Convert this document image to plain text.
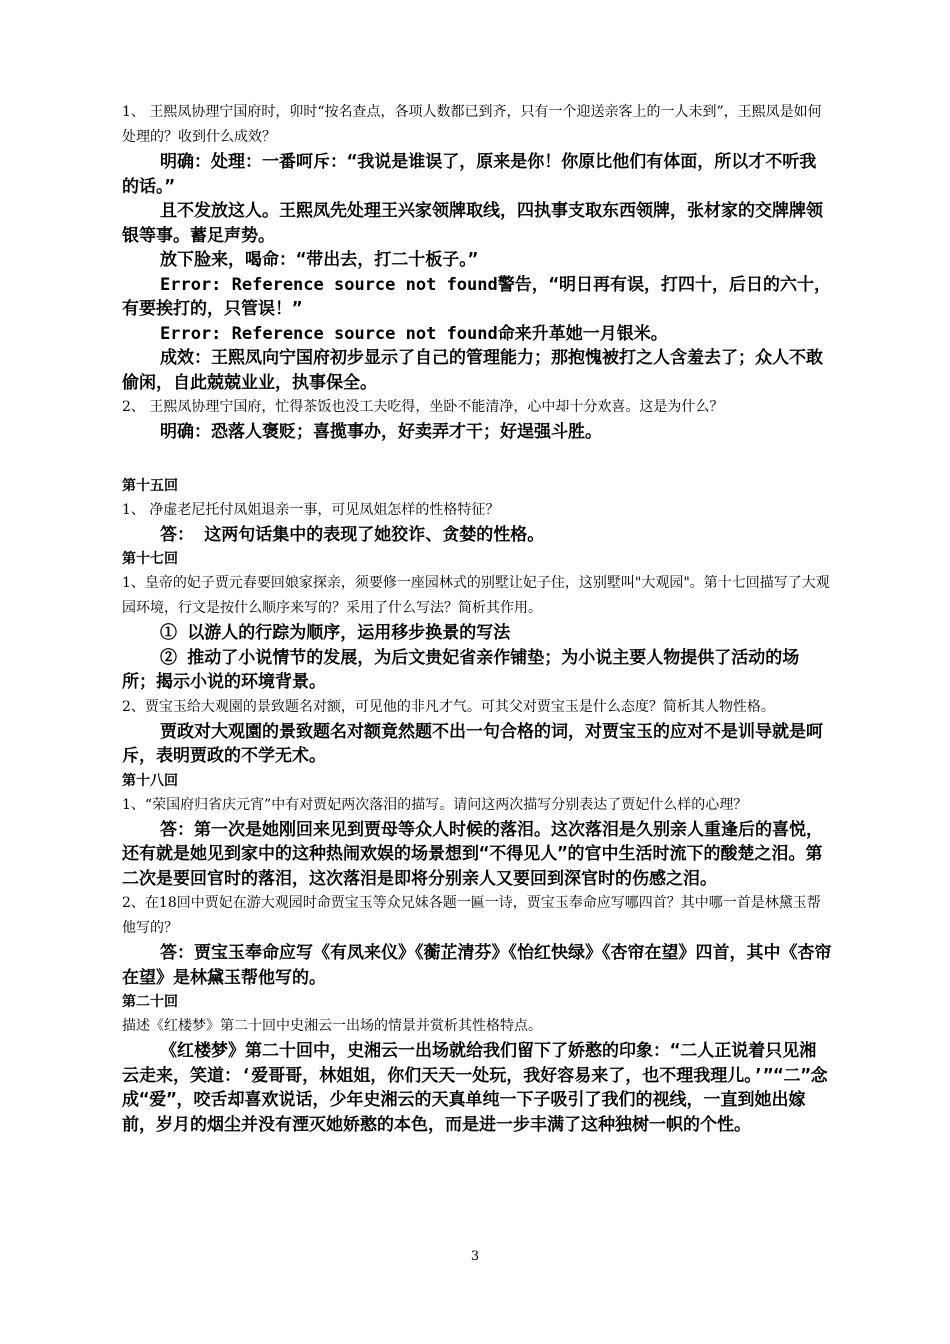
1、 王熙凤协理宁国府时，卯时“按名查点，各项人数都已到齐，只有一个迎送亲客上的一人未到”，王熙凤是如何处理的？收到什么成效？

明确：处理：一番呵斥：“我说是谁误了，原来是你！你原比他们有体面，所以才不听我的话。”

且不发放这人。王熙凤先处理王兴家领牌取线，四执事支取东西领牌，张材家的交牌牌领银等事。蓄足声势。

放下脸来，喝命：“带出去，打二十板子。”

Error: Reference source not found警告，“明日再有误，打四十，后日的六十，有要挨打的，只管误！”

Error: Reference source not found命来升革她一月银米。

成效：王熙凤向宁国府初步显示了自己的管理能力；那抱愧被打之人含羞去了；众人不敢偷闲，自此兢兢业业，执事保全。

2、 王熙凤协理宁国府，忙得茶饭也没工夫吃得，坐卧不能清净，心中却十分欢喜。这是为什么？

明确：恐落人褒贬；喜揽事办，好卖弄才干；好逞强斗胜。

第十五回

1、 净虚老尼托付凤姐退亲一事，可见凤姐怎样的性格特征？

答： 这两句话集中的表现了她狡诈、贪婪的性格。

第十七回

1、皇帝的妃子贾元春要回娘家探亲，须要修一座园林式的别墅让妃子住，这别墅叫"大观园"。第十七回描写了大观园环境，行文是按什么顺序来写的？采用了什么写法？简析其作用。

① 以游人的行踪为顺序，运用移步换景的写法

② 推动了小说情节的发展，为后文贵妃省亲作铺垫；为小说主要人物提供了活动的场所；揭示小说的环境背景。

2、贾宝玉给大观園的景致题名对额，可见他的非凡才气。可其父对贾宝玉是什么态度？简析其人物性格。

贾政对大观園的景致题名对额竟然题不出一句合格的词，对贾宝玉的应对不是训导就是呵斥，表明贾政的不学无术。

第十八回

1、“荣国府归省庆元宵”中有对贾妃两次落泪的描写。请问这两次描写分别表达了贾妃什么样的心理？

答：第一次是她刚回来见到贾母等众人时候的落泪。这次落泪是久别亲人重逢后的喜悦，还有就是她见到家中的这种热闹欢娱的场景想到“不得见人”的官中生活时流下的酸楚之泪。第二次是要回官时的落泪，这次落泪是即将分别亲人又要回到深官时的伤感之泪。

2、在18回中贾妃在游大观园时命贾宝玉等众兄妹各题一匾一诗，贾宝玉奉命应写哪四首？其中哪一首是林黛玉帮他写的？

答：贾宝玉奉命应写《有凤来仪》《蘅芷清芬》《怡红快绿》《杏帘在望》四首，其中《杏帘在望》是林黛玉帮他写的。

第二十回

描述《红楼梦》第二十回中史湘云一出场的情景并赏析其性格特点。

《红楼梦》第二十回中，史湘云一出场就给我们留下了娇憨的印象：“二人正说着只见湘云走来，笑道：‘爱哥哥，林姐姐，你们天天一处玩，我好容易来了，也不理我理儿。’”“二”念成“爱”，咬舌却喜欢说话，少年史湘云的天真单纯一下子吸引了我们的视线，一直到她出嫁前，岁月的烟尘并没有湮灭她娇憨的本色，而是进一步丰满了这种独树一帜的个性。

3
